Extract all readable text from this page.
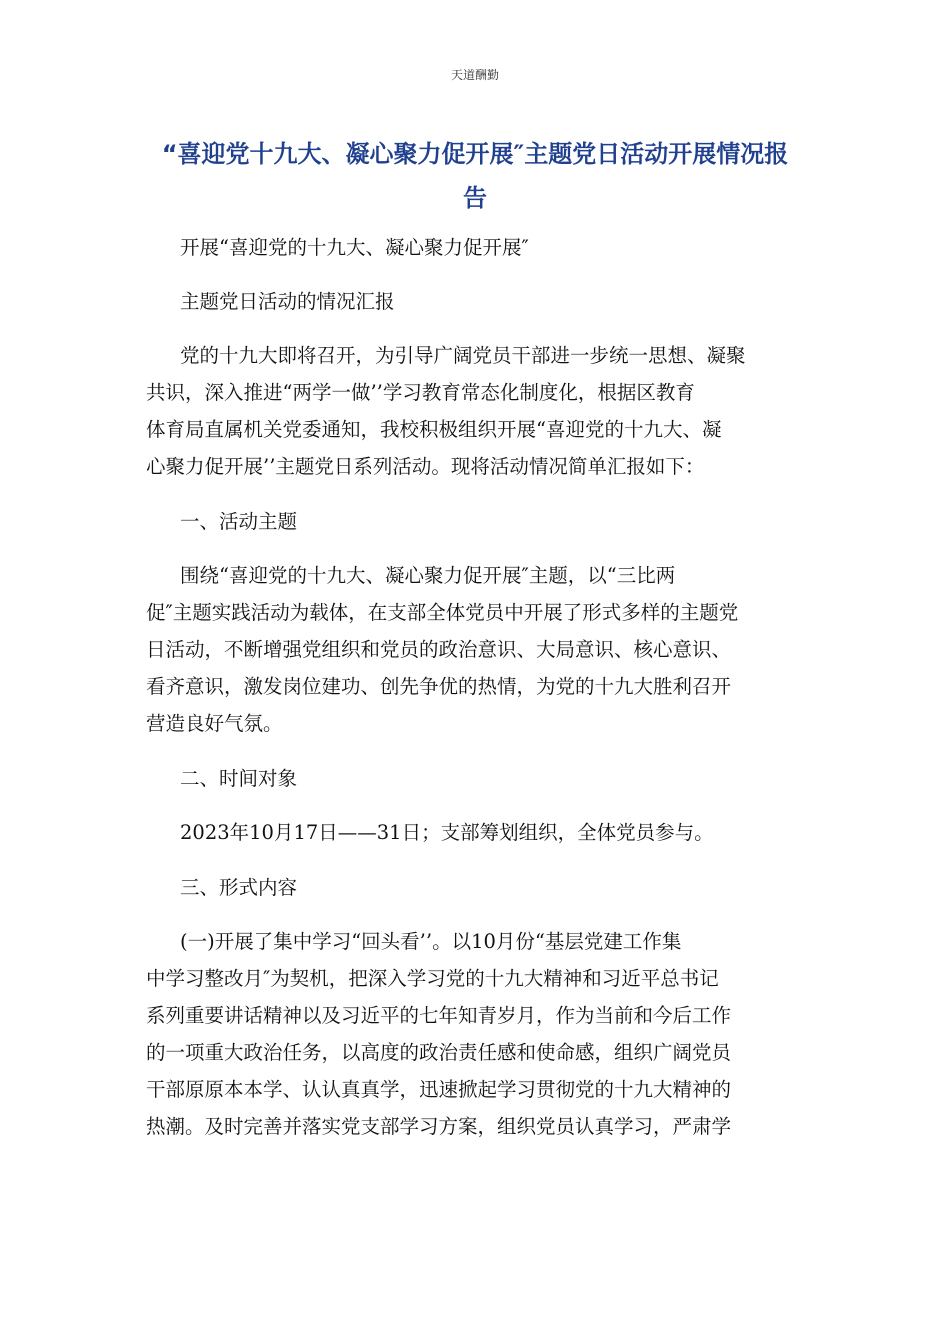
天道酬勤
“喜迎党十九大、凝心聚力促开展″主题党日活动开展情况报
告
开展“喜迎党的十九大、凝心聚力促开展″
主题党日活动的情况汇报
党的十九大即将召开，为引导广阔党员干部进一步统一思想、凝聚
共识，深入推进“两学一做’’学习教育常态化制度化，根据区教育
体育局直属机关党委通知，我校积极组织开展“喜迎党的十九大、凝
心聚力促开展’’主题党日系列活动。现将活动情况简单汇报如下：
一、活动主题
围绕“喜迎党的十九大、凝心聚力促开展″主题，以“三比两
促″主题实践活动为载体，在支部全体党员中开展了形式多样的主题党
日活动，不断增强党组织和党员的政治意识、大局意识、核心意识、
看齐意识，激发岗位建功、创先争优的热情，为党的十九大胜利召开
营造良好气氛。
二、时间对象
2023年10月17日——31日；支部筹划组织，全体党员参与。
三、形式内容
(一)开展了集中学习“回头看’’。以10月份“基层党建工作集
中学习整改月″为契机，把深入学习党的十九大精神和习近平总书记
系列重要讲话精神以及习近平的七年知青岁月，作为当前和今后工作
的一项重大政治任务，以高度的政治责任感和使命感，组织广阔党员
干部原原本本学、认认真真学，迅速掀起学习贯彻党的十九大精神的
热潮。及时完善并落实党支部学习方案，组织党员认真学习，严肃学
